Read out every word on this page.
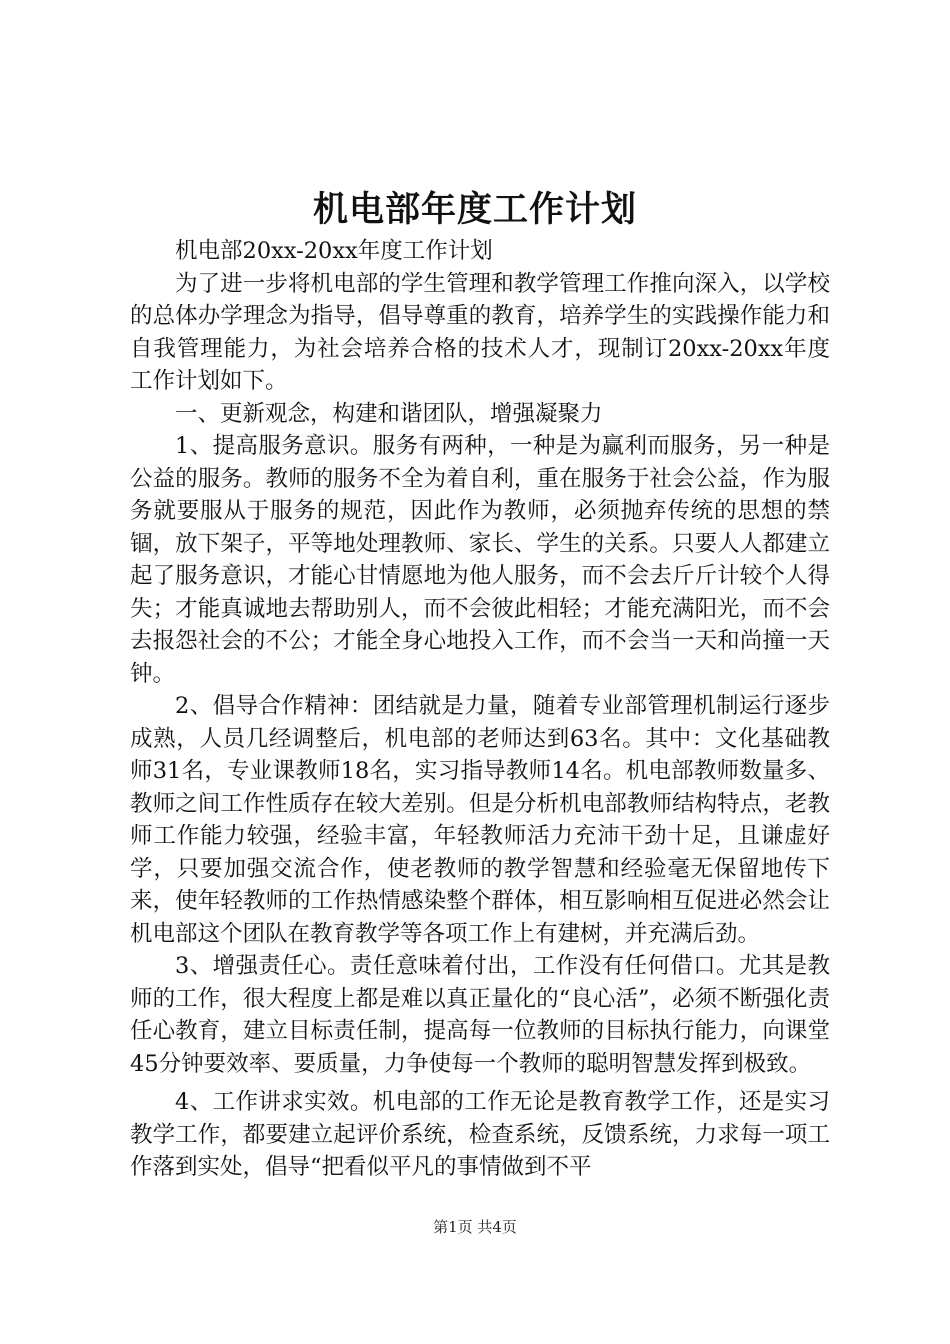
机电部年度工作计划

机电部20xx-20xx年度工作计划

为了进一步将机电部的学生管理和教学管理工作推向深入，以学校的总体办学理念为指导，倡导尊重的教育，培养学生的实践操作能力和自我管理能力，为社会培养合格的技术人才，现制订20xx-20xx年度工作计划如下。

一、更新观念，构建和谐团队，增强凝聚力

1、提高服务意识。服务有两种，一种是为赢利而服务，另一种是公益的服务。教师的服务不全为着自利，重在服务于社会公益，作为服务就要服从于服务的规范，因此作为教师，必须抛弃传统的思想的禁锢，放下架子，平等地处理教师、家长、学生的关系。只要人人都建立起了服务意识，才能心甘情愿地为他人服务，而不会去斤斤计较个人得失；才能真诚地去帮助别人，而不会彼此相轻；才能充满阳光，而不会去报怨社会的不公；才能全身心地投入工作，而不会当一天和尚撞一天钟。

2、倡导合作精神：团结就是力量，随着专业部管理机制运行逐步成熟，人员几经调整后，机电部的老师达到63名。其中：文化基础教师31名，专业课教师18名，实习指导教师14名。机电部教师数量多、教师之间工作性质存在较大差别。但是分析机电部教师结构特点，老教师工作能力较强，经验丰富，年轻教师活力充沛干劲十足，且谦虚好学，只要加强交流合作，使老教师的教学智慧和经验毫无保留地传下来，使年轻教师的工作热情感染整个群体，相互影响相互促进必然会让机电部这个团队在教育教学等各项工作上有建树，并充满后劲。

3、增强责任心。责任意味着付出，工作没有任何借口。尤其是教师的工作，很大程度上都是难以真正量化的“良心活”，必须不断强化责任心教育，建立目标责任制，提高每一位教师的目标执行能力，向课堂45分钟要效率、要质量，力争使每一个教师的聪明智慧发挥到极致。

4、工作讲求实效。机电部的工作无论是教育教学工作，还是实习教学工作，都要建立起评价系统，检查系统，反馈系统，力求每一项工作落到实处，倡导“把看似平凡的事情做到不平

第1页 共4页
